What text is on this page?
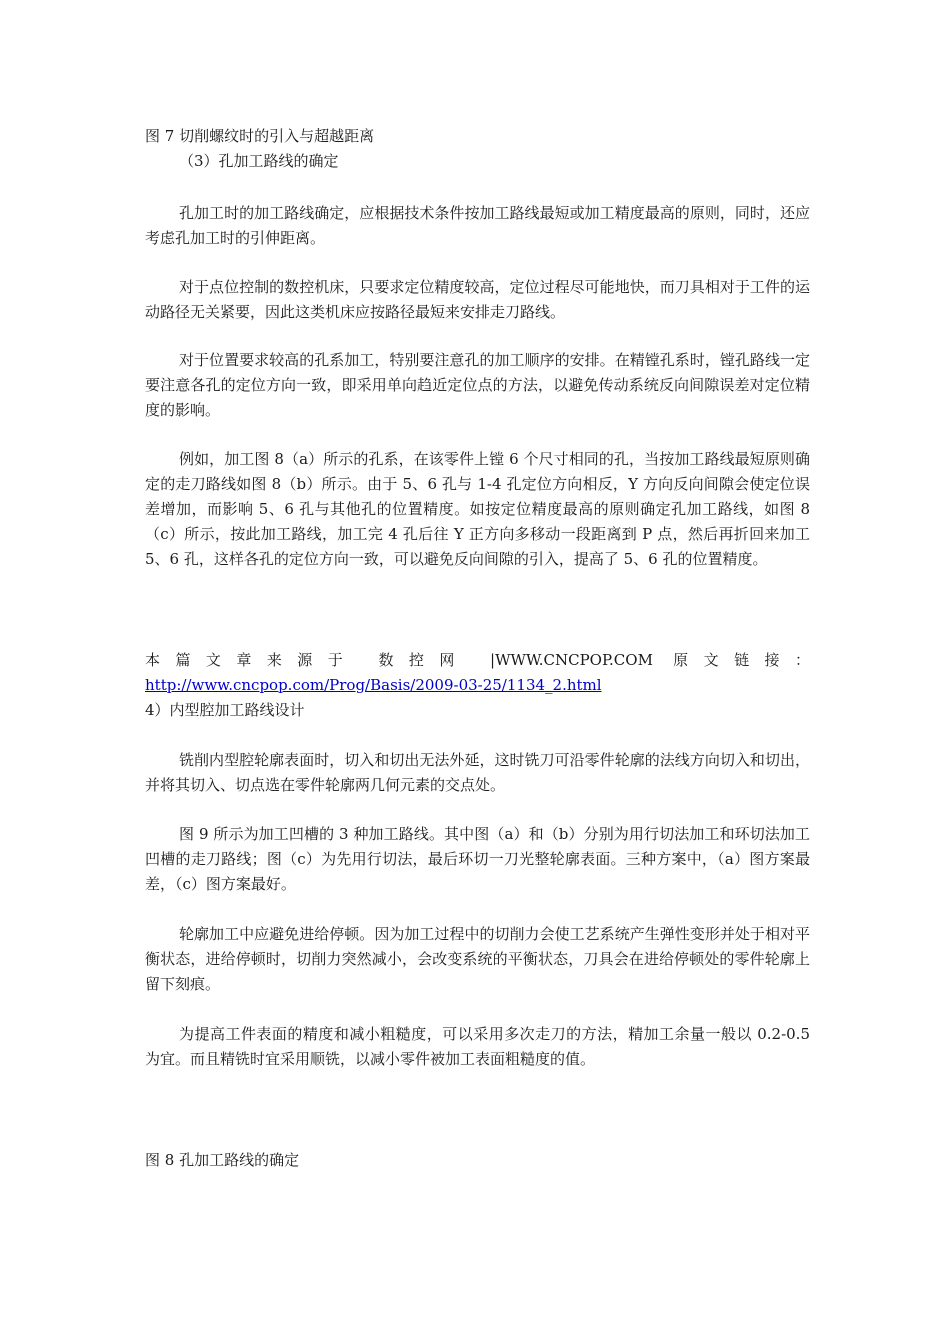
图 7 切削螺纹时的引入与超越距离
（3）孔加工路线的确定
孔加工时的加工路线确定，应根据技术条件按加工路线最短或加工精度最高的原则，同时，还应考虑孔加工时的引伸距离。
对于点位控制的数控机床，只要求定位精度较高，定位过程尽可能地快，而刀具相对于工件的运动路径无关紧要，因此这类机床应按路径最短来安排走刀路线。
对于位置要求较高的孔系加工，特别要注意孔的加工顺序的安排。在精镗孔系时，镗孔路线一定要注意各孔的定位方向一致，即采用单向趋近定位点的方法，以避免传动系统反向间隙误差对定位精度的影响。
例如，加工图 8（a）所示的孔系，在该零件上镗 6 个尺寸相同的孔，当按加工路线最短原则确定的走刀路线如图 8（b）所示。由于 5、6 孔与 1-4 孔定位方向相反，Y 方向反向间隙会使定位误差增加，而影响 5、6 孔与其他孔的位置精度。如按定位精度最高的原则确定孔加工路线，如图 8（c）所示，按此加工路线，加工完 4 孔后往 Y 正方向多移动一段距离到 P 点，然后再折回来加工 5、6 孔，这样各孔的定位方向一致，可以避免反向间隙的引入，提高了 5、6 孔的位置精度。
本篇文章来源于 数控网 |WWW.CNCPOP.COM 原文链接：
http://www.cncpop.com/Prog/Basis/2009-03-25/1134_2.html
4）内型腔加工路线设计
铣削内型腔轮廓表面时，切入和切出无法外延，这时铣刀可沿零件轮廓的法线方向切入和切出，并将其切入、切点选在零件轮廓两几何元素的交点处。
图 9 所示为加工凹槽的 3 种加工路线。其中图（a）和（b）分别为用行切法加工和环切法加工凹槽的走刀路线；图（c）为先用行切法，最后环切一刀光整轮廓表面。三种方案中，（a）图方案最差，（c）图方案最好。
轮廓加工中应避免进给停顿。因为加工过程中的切削力会使工艺系统产生弹性变形并处于相对平衡状态，进给停顿时，切削力突然减小，会改变系统的平衡状态，刀具会在进给停顿处的零件轮廓上留下刻痕。
为提高工件表面的精度和减小粗糙度，可以采用多次走刀的方法，精加工余量一般以 0.2-0.5 为宜。而且精铣时宜采用顺铣，以减小零件被加工表面粗糙度的值。
图 8 孔加工路线的确定
